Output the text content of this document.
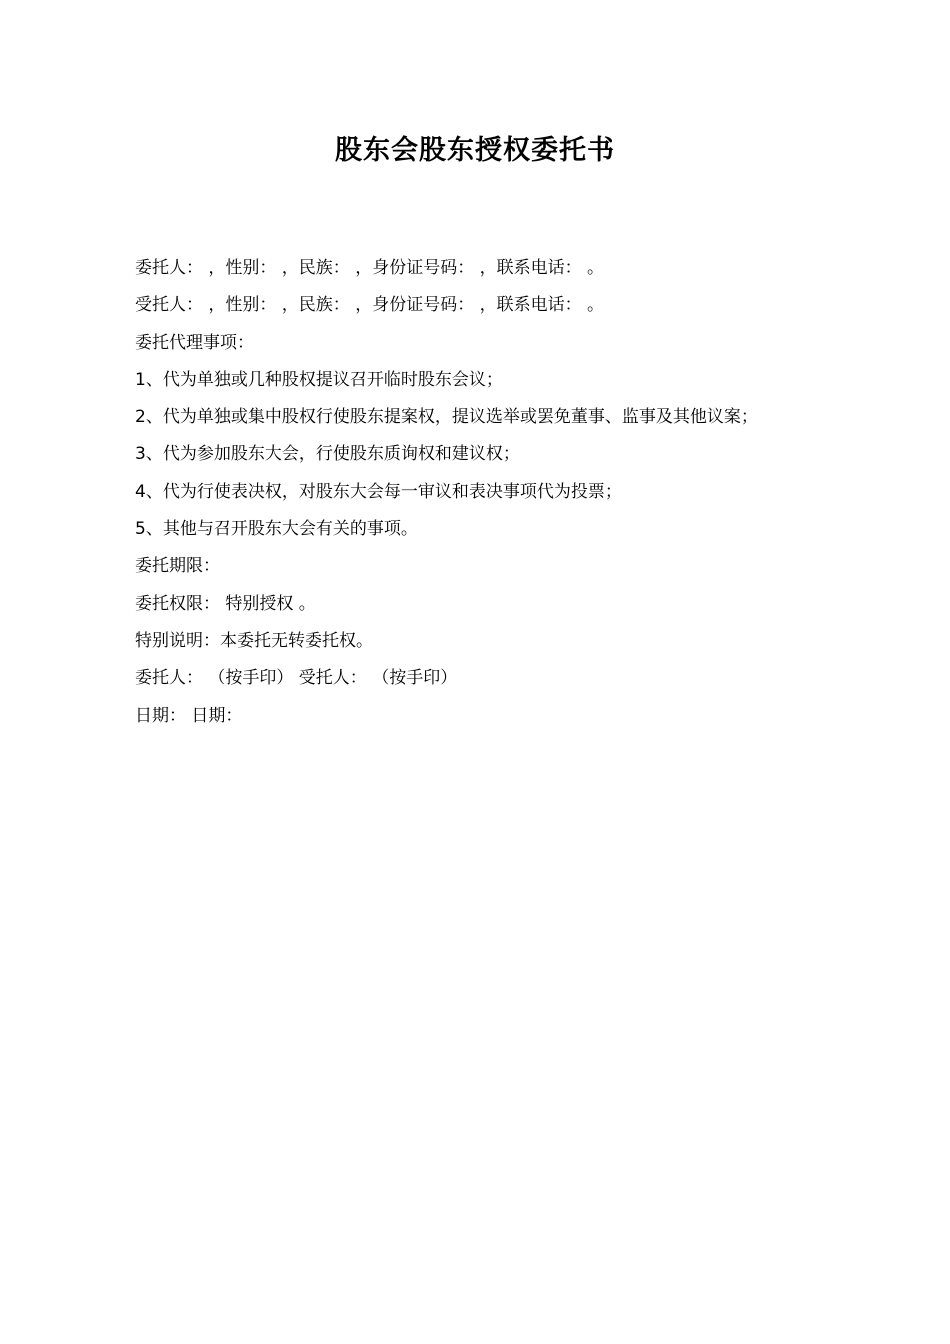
股东会股东授权委托书
委托人： ，性别： ，民族： ，身份证号码： ，联系电话： 。
受托人： ，性别： ，民族： ，身份证号码： ，联系电话： 。
委托代理事项：
1、代为单独或几种股权提议召开临时股东会议；
2、代为单独或集中股权行使股东提案权，提议选举或罢免董事、监事及其他议案；
3、代为参加股东大会，行使股东质询权和建议权；
4、代为行使表决权，对股东大会每一审议和表决事项代为投票；
5、其他与召开股东大会有关的事项。
委托期限：
委托权限： 特别授权 。
特别说明：本委托无转委托权。
委托人： （按手印） 受托人： （按手印）
日期： 日期：
